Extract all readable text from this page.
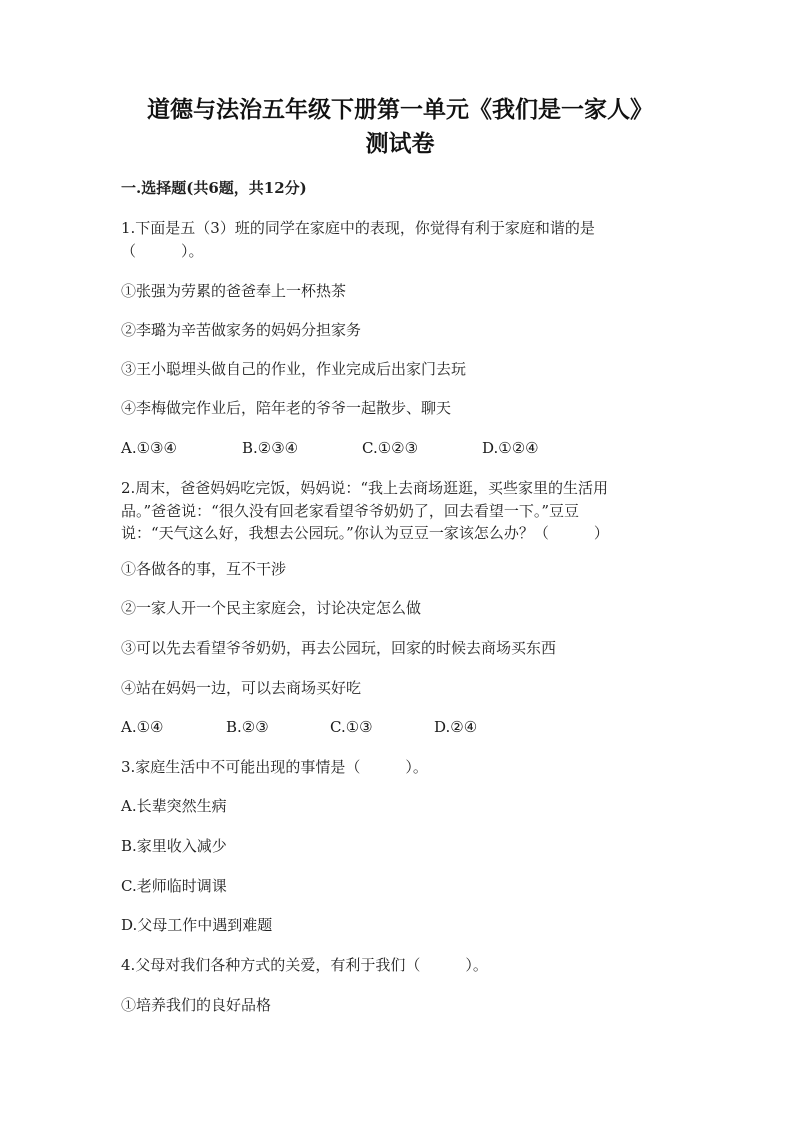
道德与法治五年级下册第一单元《我们是一家人》
测试卷
一.选择题(共6题，共12分)
1.下面是五（3）班的同学在家庭中的表现，你觉得有利于家庭和谐的是
（　　　）。
①张强为劳累的爸爸奉上一杯热茶
②李璐为辛苦做家务的妈妈分担家务
③王小聪埋头做自己的作业，作业完成后出家门去玩
④李梅做完作业后，陪年老的爷爷一起散步、聊天
A.①③④	B.②③④	C.①②③	D.①②④
2.周末，爸爸妈妈吃完饭，妈妈说：“我上去商场逛逛，买些家里的生活用
品。”爸爸说：“很久没有回老家看望爷爷奶奶了，回去看望一下。”豆豆
说：“天气这么好，我想去公园玩。”你认为豆豆一家该怎么办？（　　　）
①各做各的事，互不干涉
②一家人开一个民主家庭会，讨论决定怎么做
③可以先去看望爷爷奶奶，再去公园玩，回家的时候去商场买东西
④站在妈妈一边，可以去商场买好吃
A.①④	B.②③	C.①③	D.②④
3.家庭生活中不可能出现的事情是（　　　）。
A.长辈突然生病
B.家里收入减少
C.老师临时调课
D.父母工作中遇到难题
4.父母对我们各种方式的关爱，有利于我们（　　　）。
①培养我们的良好品格
